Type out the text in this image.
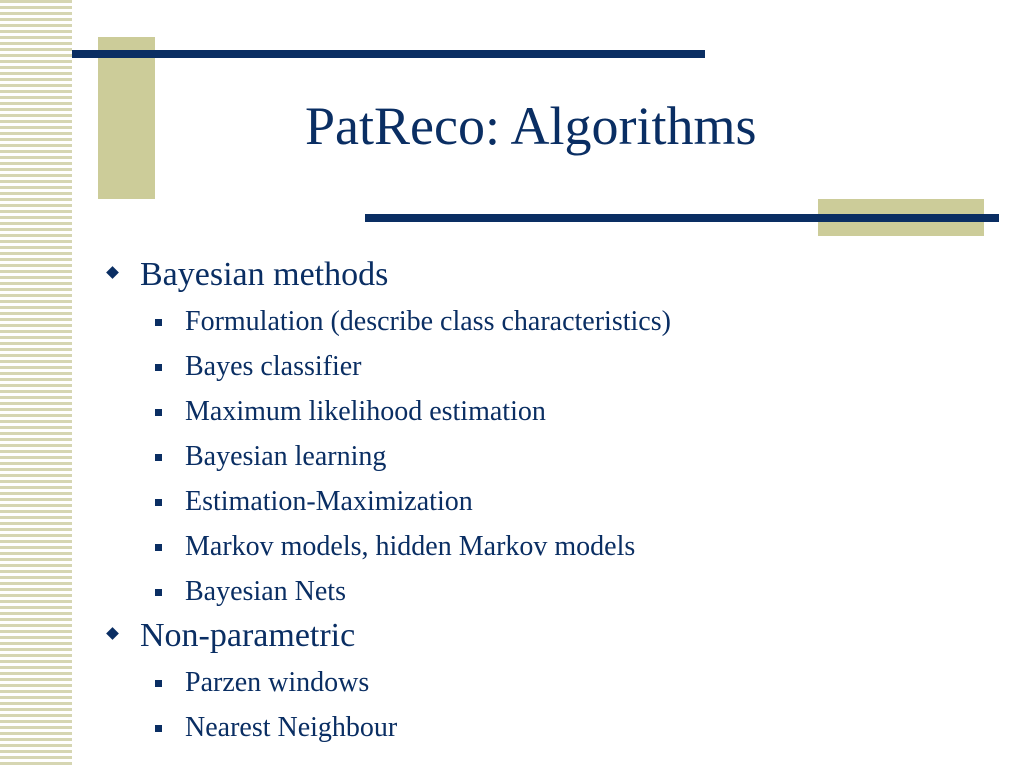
PatReco: Algorithms
Bayesian methods
Formulation (describe class characteristics)
Bayes classifier
Maximum likelihood estimation
Bayesian learning
Estimation-Maximization
Markov models, hidden Markov models
Bayesian Nets
Non-parametric
Parzen windows
Nearest Neighbour
